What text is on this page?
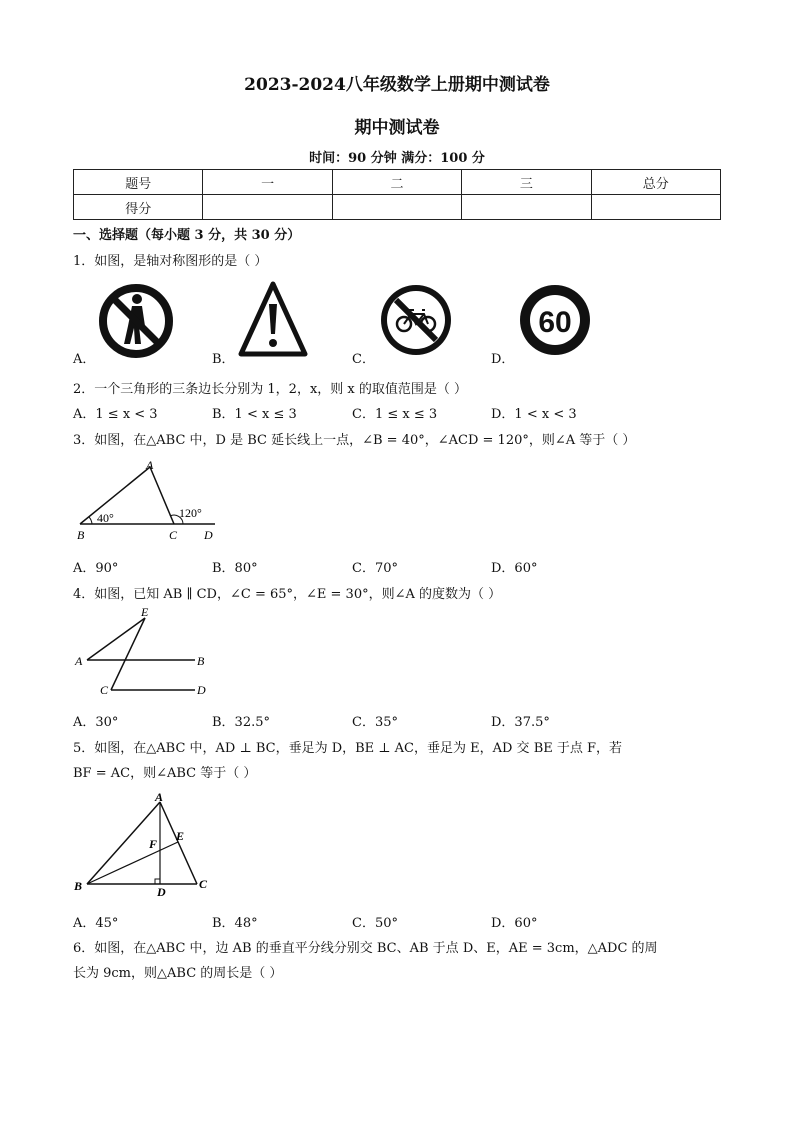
2023-2024八年级数学上册期中测试卷
期中测试卷
时间：90 分钟 满分：100 分
题号	一	二	三	总分
得分				
一、选择题（每小题 3 分，共 30 分）
1．如图，是轴对称图形的是（ ）
A．	B．	C．
60
D．
2．一个三角形的三条边长分别为 1，2，x，则 x 的取值范围是（ ）
A．1 ≤ x < 3	B．1 < x ≤ 3	C．1 ≤ x ≤ 3	D．1 < x < 3
3．如图，在△ABC 中，D 是 BC 延长线上一点，∠B = 40°，∠ACD = 120°，则∠A 等于（ ）
A
B	C D
40°	120°
A．90°	B．80°	C．70°	D．60°
4．如图，已知 AB ∥ CD，∠C = 65°，∠E = 30°，则∠A 的度数为（ ）
E
A	B
C	D
A．30°	B．32.5°	C．35°	D．37.5°
5．如图，在△ABC 中，AD ⊥ BC，垂足为 D，BE ⊥ AC，垂足为 E，AD 交 BE 于点 F，若
BF = AC，则∠ABC 等于（ ）
A
B	C
D
E
F
A．45°	B．48°	C．50°	D．60°
6．如图，在△ABC 中，边 AB 的垂直平分线分别交 BC、AB 于点 D、E，AE = 3cm，△ADC 的周
长为 9cm，则△ABC 的周长是（ ）
